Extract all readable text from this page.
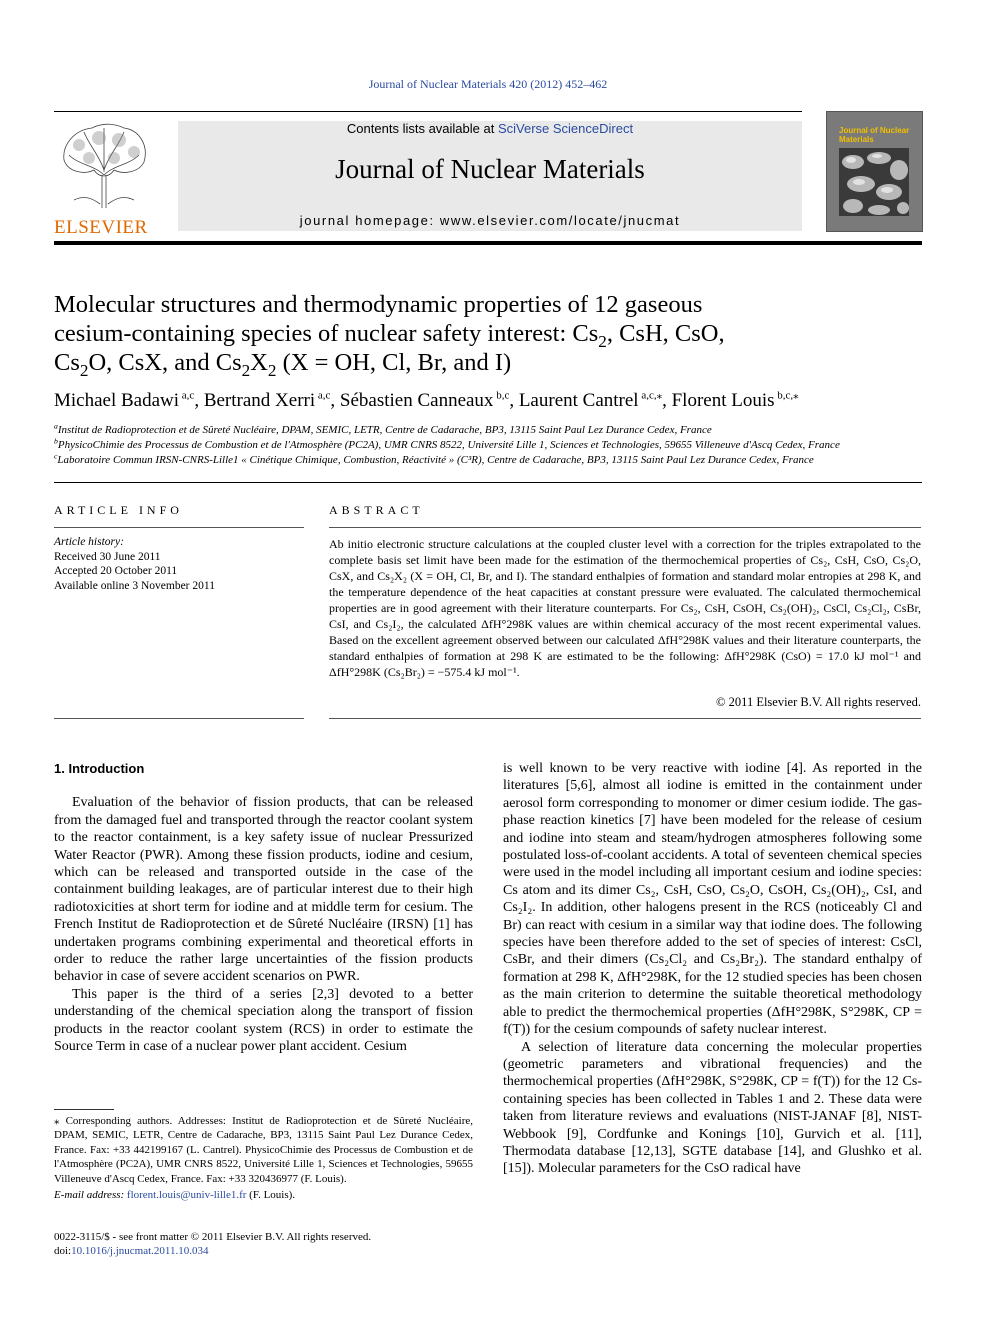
Journal of Nuclear Materials 420 (2012) 452–462
ELSEVIER
Contents lists available at SciVerse ScienceDirect
Journal of Nuclear Materials
journal homepage: www.elsevier.com/locate/jnucmat
Journal of Nuclear Materials
Molecular structures and thermodynamic properties of 12 gaseous
cesium-containing species of nuclear safety interest: $Cs_2$, CsH, CsO,
$Cs_2O$, CsX, and $Cs_2X_2$ (X = OH, Cl, Br, and I)
Michael Badawi $^{a,c}$, Bertrand Xerri $^{a,c}$, Sébastien Canneaux $^{b,c}$, Laurent Cantrel $^{a,c,⁎}$, Florent Louis $^{b,c,⁎}$
$^a$Institut de Radioprotection et de Sûreté Nucléaire, DPAM, SEMIC, LETR, Centre de Cadarache, BP3, 13115 Saint Paul Lez Durance Cedex, France
$^b$PhysicoChimie des Processus de Combustion et de l'Atmosphère (PC2A), UMR CNRS 8522, Université Lille 1, Sciences et Technologies, 59655 Villeneuve d'Ascq Cedex, France
$^c$Laboratoire Commun IRSN-CNRS-Lille1 « Cinétique Chimique, Combustion, Réactivité » (C³R), Centre de Cadarache, BP3, 13115 Saint Paul Lez Durance Cedex, France
ARTICLE INFO
Article history:
Received 30 June 2011
Accepted 20 October 2011
Available online 3 November 2011
ABSTRACT
Ab initio electronic structure calculations at the coupled cluster level with a correction for the triples extrapolated to the complete basis set limit have been made for the estimation of the thermochemical properties of Cs₂, CsH, CsO, Cs₂O, CsX, and Cs₂X₂ (X = OH, Cl, Br, and I). The standard enthalpies of formation and standard molar entropies at 298 K, and the temperature dependence of the heat capacities at constant pressure were evaluated. The calculated thermochemical properties are in good agreement with their literature counterparts. For Cs₂, CsH, CsOH, Cs₂(OH)₂, CsCl, Cs₂Cl₂, CsBr, CsI, and Cs₂I₂, the calculated ΔfH°298K values are within chemical accuracy of the most recent experimental values. Based on the excellent agreement observed between our calculated ΔfH°298K values and their literature counterparts, the standard enthalpies of formation at 298 K are estimated to be the following: ΔfH°298K (CsO) = 17.0 kJ mol⁻¹ and ΔfH°298K (Cs₂Br₂) = −575.4 kJ mol⁻¹.
© 2011 Elsevier B.V. All rights reserved.
1. Introduction

Evaluation of the behavior of fission products, that can be released from the damaged fuel and transported through the reactor coolant system to the reactor containment, is a key safety issue of nuclear Pressurized Water Reactor (PWR). Among these fission products, iodine and cesium, which can be released and transported outside in the case of the containment building leakages, are of particular interest due to their high radiotoxicities at short term for iodine and at middle term for cesium. The French Institut de Radioprotection et de Sûreté Nucléaire (IRSN) [1] has undertaken programs combining experimental and theoretical efforts in order to reduce the rather large uncertainties of the fission products behavior in case of severe accident scenarios on PWR.

This paper is the third of a series [2,3] devoted to a better understanding of the chemical speciation along the transport of fission products in the reactor coolant system (RCS) in order to estimate the Source Term in case of a nuclear power plant accident. Cesium

is well known to be very reactive with iodine [4]. As reported in the literatures [5,6], almost all iodine is emitted in the containment under aerosol form corresponding to monomer or dimer cesium iodide. The gas-phase reaction kinetics [7] have been modeled for the release of cesium and iodine into steam and steam/hydrogen atmospheres following some postulated loss-of-coolant accidents. A total of seventeen chemical species were used in the model including all important cesium and iodine species: Cs atom and its dimer Cs₂, CsH, CsO, Cs₂O, CsOH, Cs₂(OH)₂, CsI, and Cs₂I₂. In addition, other halogens present in the RCS (noticeably Cl and Br) can react with cesium in a similar way that iodine does. The following species have been therefore added to the set of species of interest: CsCl, CsBr, and their dimers (Cs₂Cl₂ and Cs₂Br₂). The standard enthalpy of formation at 298 K, ΔfH°298K, for the 12 studied species has been chosen as the main criterion to determine the suitable theoretical methodology able to predict the thermochemical properties (ΔfH°298K, S°298K, CP = f(T)) for the cesium compounds of safety nuclear interest.

A selection of literature data concerning the molecular properties (geometric parameters and vibrational frequencies) and the thermochemical properties (ΔfH°298K, S°298K, CP = f(T)) for the 12 Cs-containing species has been collected in Tables 1 and 2. These data were taken from literature reviews and evaluations (NIST-JANAF [8], NIST-Webbook [9], Cordfunke and Konings [10], Gurvich et al. [11], Thermodata database [12,13], SGTE database [14], and Glushko et al. [15]). Molecular parameters for the CsO radical have

⁎ Corresponding authors. Addresses: Institut de Radioprotection et de Sûreté Nucléaire, DPAM, SEMIC, LETR, Centre de Cadarache, BP3, 13115 Saint Paul Lez Durance Cedex, France. Fax: +33 442199167 (L. Cantrel). PhysicoChimie des Processus de Combustion et de l'Atmosphère (PC2A), UMR CNRS 8522, Université Lille 1, Sciences et Technologies, 59655 Villeneuve d'Ascq Cedex, France. Fax: +33 320436977 (F. Louis).
E-mail address: florent.louis@univ-lille1.fr (F. Louis).
0022-3115/$ - see front matter © 2011 Elsevier B.V. All rights reserved.
doi:10.1016/j.jnucmat.2011.10.034
